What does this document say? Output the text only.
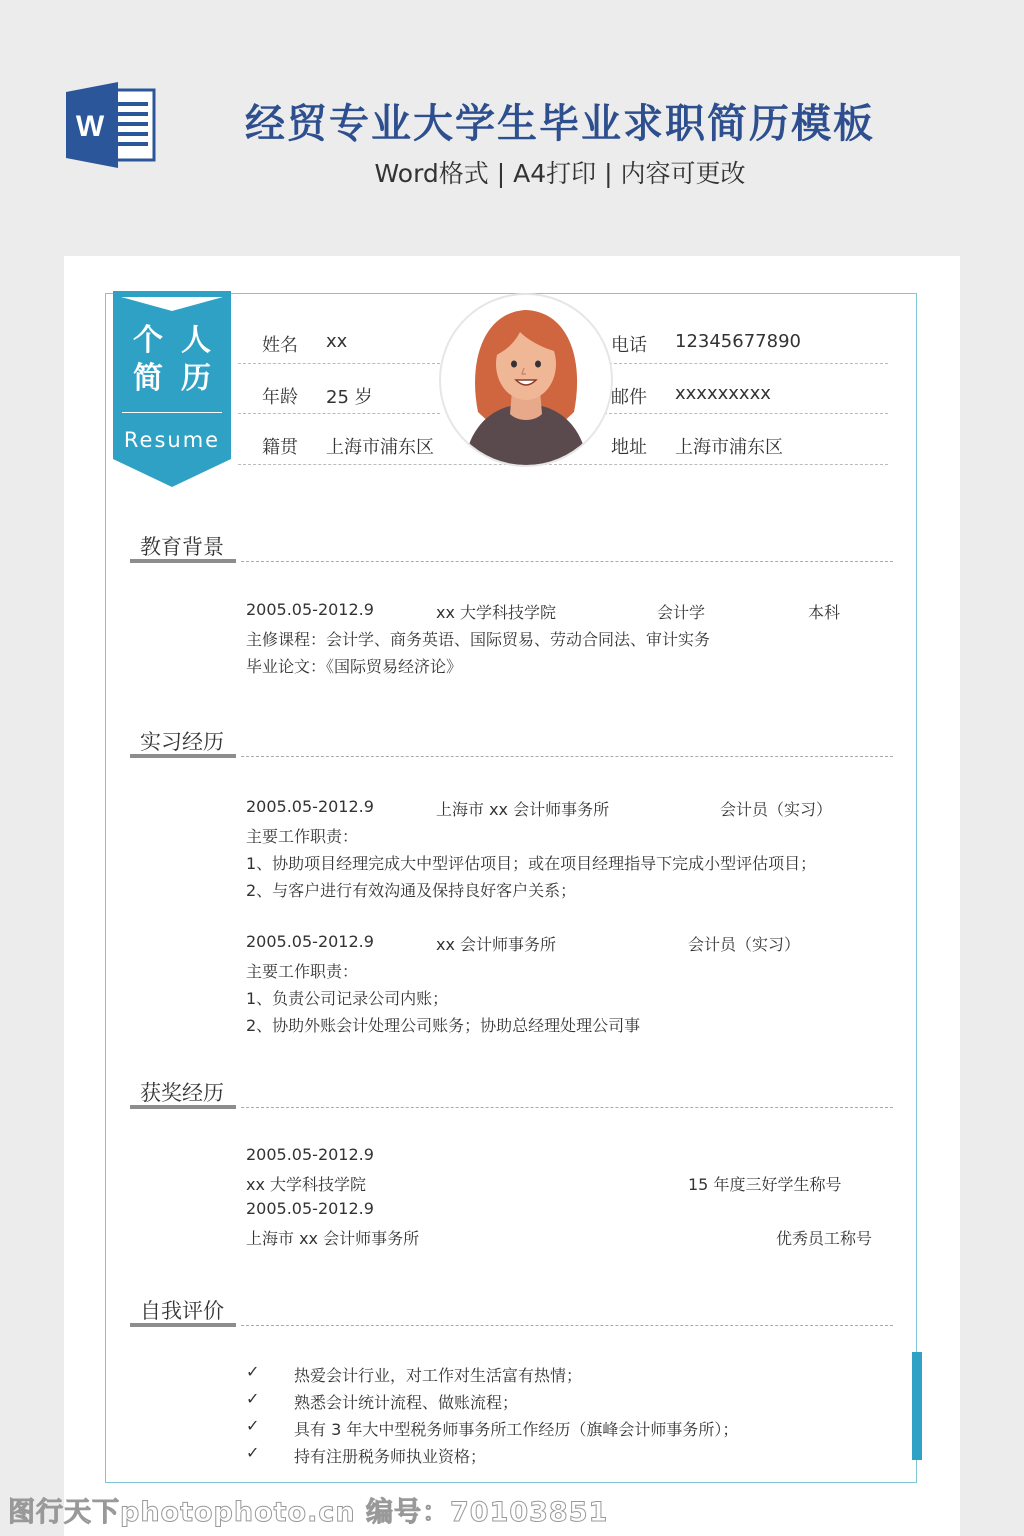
W	经贸专业大学生毕业求职简历模板
Word格式 | A4打印 | 内容可更改
个 人
简 历
Resume
姓名 xx
年龄 25 岁
籍贯 上海市浦东区
电话 12345677890
邮件 xxxxxxxxx
地址 上海市浦东区
教育背景
2005.05-2012.9	xx 大学科技学院	会计学	本科
主修课程：会计学、商务英语、国际贸易、劳动合同法、审计实务
毕业论文：《国际贸易经济论》
实习经历
2005.05-2012.9	上海市 xx 会计师事务所	会计员（实习）
主要工作职责：
1、协助项目经理完成大中型评估项目；或在项目经理指导下完成小型评估项目；
2、与客户进行有效沟通及保持良好客户关系；
2005.05-2012.9	xx 会计师事务所	会计员（实习）
主要工作职责：
1、负责公司记录公司内账；
2、协助外账会计处理公司账务；协助总经理处理公司事
获奖经历
2005.05-2012.9
xx 大学科技学院	15 年度三好学生称号
2005.05-2012.9
上海市 xx 会计师事务所	优秀员工称号
自我评价
✓ 热爱会计行业，对工作对生活富有热情；
✓ 熟悉会计统计流程、做账流程；
✓ 具有 3 年大中型税务师事务所工作经历（旗峰会计师事务所）；
✓ 持有注册税务师执业资格；
图行天下photophoto.cn 编号：70103851
